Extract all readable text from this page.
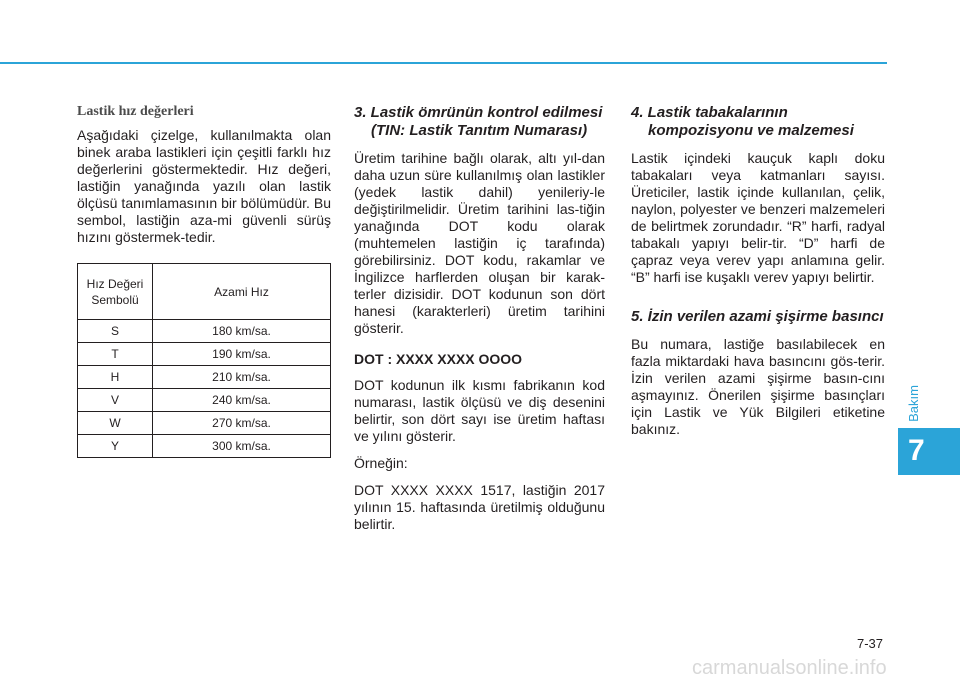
Lastik hız değerleri

Aşağıdaki çizelge, kullanılmakta olan binek araba lastikleri için çeşitli farklı hız değerlerini göstermektedir. Hız değeri, lastiğin yanağında yazılı olan lastik ölçüsü tanımlamasının bir bölümüdür. Bu sembol, lastiğin aza-mi güvenli sürüş hızını göstermek-tedir.

Hız Değeri Sembolü	Azami Hız
S	180 km/sa.
T	190 km/sa.
H	210 km/sa.
V	240 km/sa.
W	270 km/sa.
Y	300 km/sa.
3. Lastik ömrünün kontrol edilmesi (TIN: Lastik Tanıtım Numarası)

Üretim tarihine bağlı olarak, altı yıl-dan daha uzun süre kullanılmış olan lastikler (yedek lastik dahil) yenileriy-le değiştirilmelidir. Üretim tarihini las-tiğin yanağında DOT kodu olarak (muhtemelen lastiğin iç tarafında) görebilirsiniz. DOT kodu, rakamlar ve İngilizce harflerden oluşan bir karak-terler dizisidir. DOT kodunun son dört hanesi (karakterleri) üretim tarihini gösterir.

DOT : XXXX XXXX OOOO

DOT kodunun ilk kısmı fabrikanın kod numarası, lastik ölçüsü ve diş desenini belirtir, son dört sayı ise üretim haftası ve yılını gösterir.

Örneğin:

DOT XXXX XXXX 1517, lastiğin 2017 yılının 15. haftasında üretilmiş olduğunu belirtir.

4. Lastik tabakalarının kompozisyonu ve malzemesi

Lastik içindeki kauçuk kaplı doku tabakaları veya katmanları sayısı. Üreticiler, lastik içinde kullanılan, çelik, naylon, polyester ve benzeri malzemeleri de belirtmek zorundadır. “R” harfi, radyal tabakalı yapıyı belir-tir. “D” harfi de çapraz veya verev yapı anlamına gelir. “B” harfi ise kuşaklı verev yapıyı belirtir.

5. İzin verilen azami şişirme basıncı

Bu numara, lastiğe basılabilecek en fazla miktardaki hava basıncını gös-terir. İzin verilen azami şişirme basın-cını aşmayınız. Önerilen şişirme basınçları için Lastik ve Yük Bilgileri etiketine bakınız.

Bakım
7
7-37
carmanualsonline.info
